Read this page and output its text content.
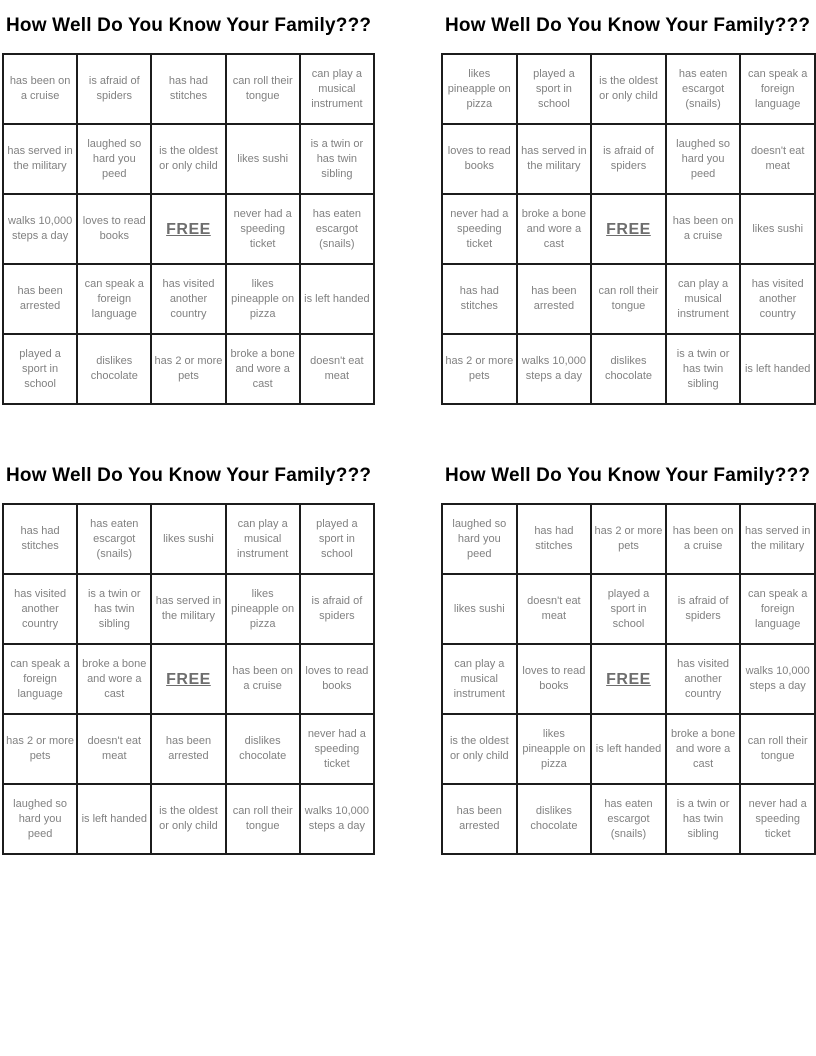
How Well Do You Know Your Family???
has been on a cruise	is afraid of spiders	has had stitches	can roll their tongue	can play a musical instrument
has served in the military	laughed so hard you peed	is the oldest or only child	likes sushi	is a twin or has twin sibling
walks 10,000 steps a day	loves to read books	FREE	never had a speeding ticket	has eaten escargot (snails)
has been arrested	can speak a foreign language	has visited another country	likes pineapple on pizza	is left handed
played a sport in school	dislikes chocolate	has 2 or more pets	broke a bone and wore a cast	doesn't eat meat
How Well Do You Know Your Family???
likes pineapple on pizza	played a sport in school	is the oldest or only child	has eaten escargot (snails)	can speak a foreign language
loves to read books	has served in the military	is afraid of spiders	laughed so hard you peed	doesn't eat meat
never had a speeding ticket	broke a bone and wore a cast	FREE	has been on a cruise	likes sushi
has had stitches	has been arrested	can roll their tongue	can play a musical instrument	has visited another country
has 2 or more pets	walks 10,000 steps a day	dislikes chocolate	is a twin or has twin sibling	is left handed
How Well Do You Know Your Family???
has had stitches	has eaten escargot (snails)	likes sushi	can play a musical instrument	played a sport in school
has visited another country	is a twin or has twin sibling	has served in the military	likes pineapple on pizza	is afraid of spiders
can speak a foreign language	broke a bone and wore a cast	FREE	has been on a cruise	loves to read books
has 2 or more pets	doesn't eat meat	has been arrested	dislikes chocolate	never had a speeding ticket
laughed so hard you peed	is left handed	is the oldest or only child	can roll their tongue	walks 10,000 steps a day
How Well Do You Know Your Family???
laughed so hard you peed	has had stitches	has 2 or more pets	has been on a cruise	has served in the military
likes sushi	doesn't eat meat	played a sport in school	is afraid of spiders	can speak a foreign language
can play a musical instrument	loves to read books	FREE	has visited another country	walks 10,000 steps a day
is the oldest or only child	likes pineapple on pizza	is left handed	broke a bone and wore a cast	can roll their tongue
has been arrested	dislikes chocolate	has eaten escargot (snails)	is a twin or has twin sibling	never had a speeding ticket
